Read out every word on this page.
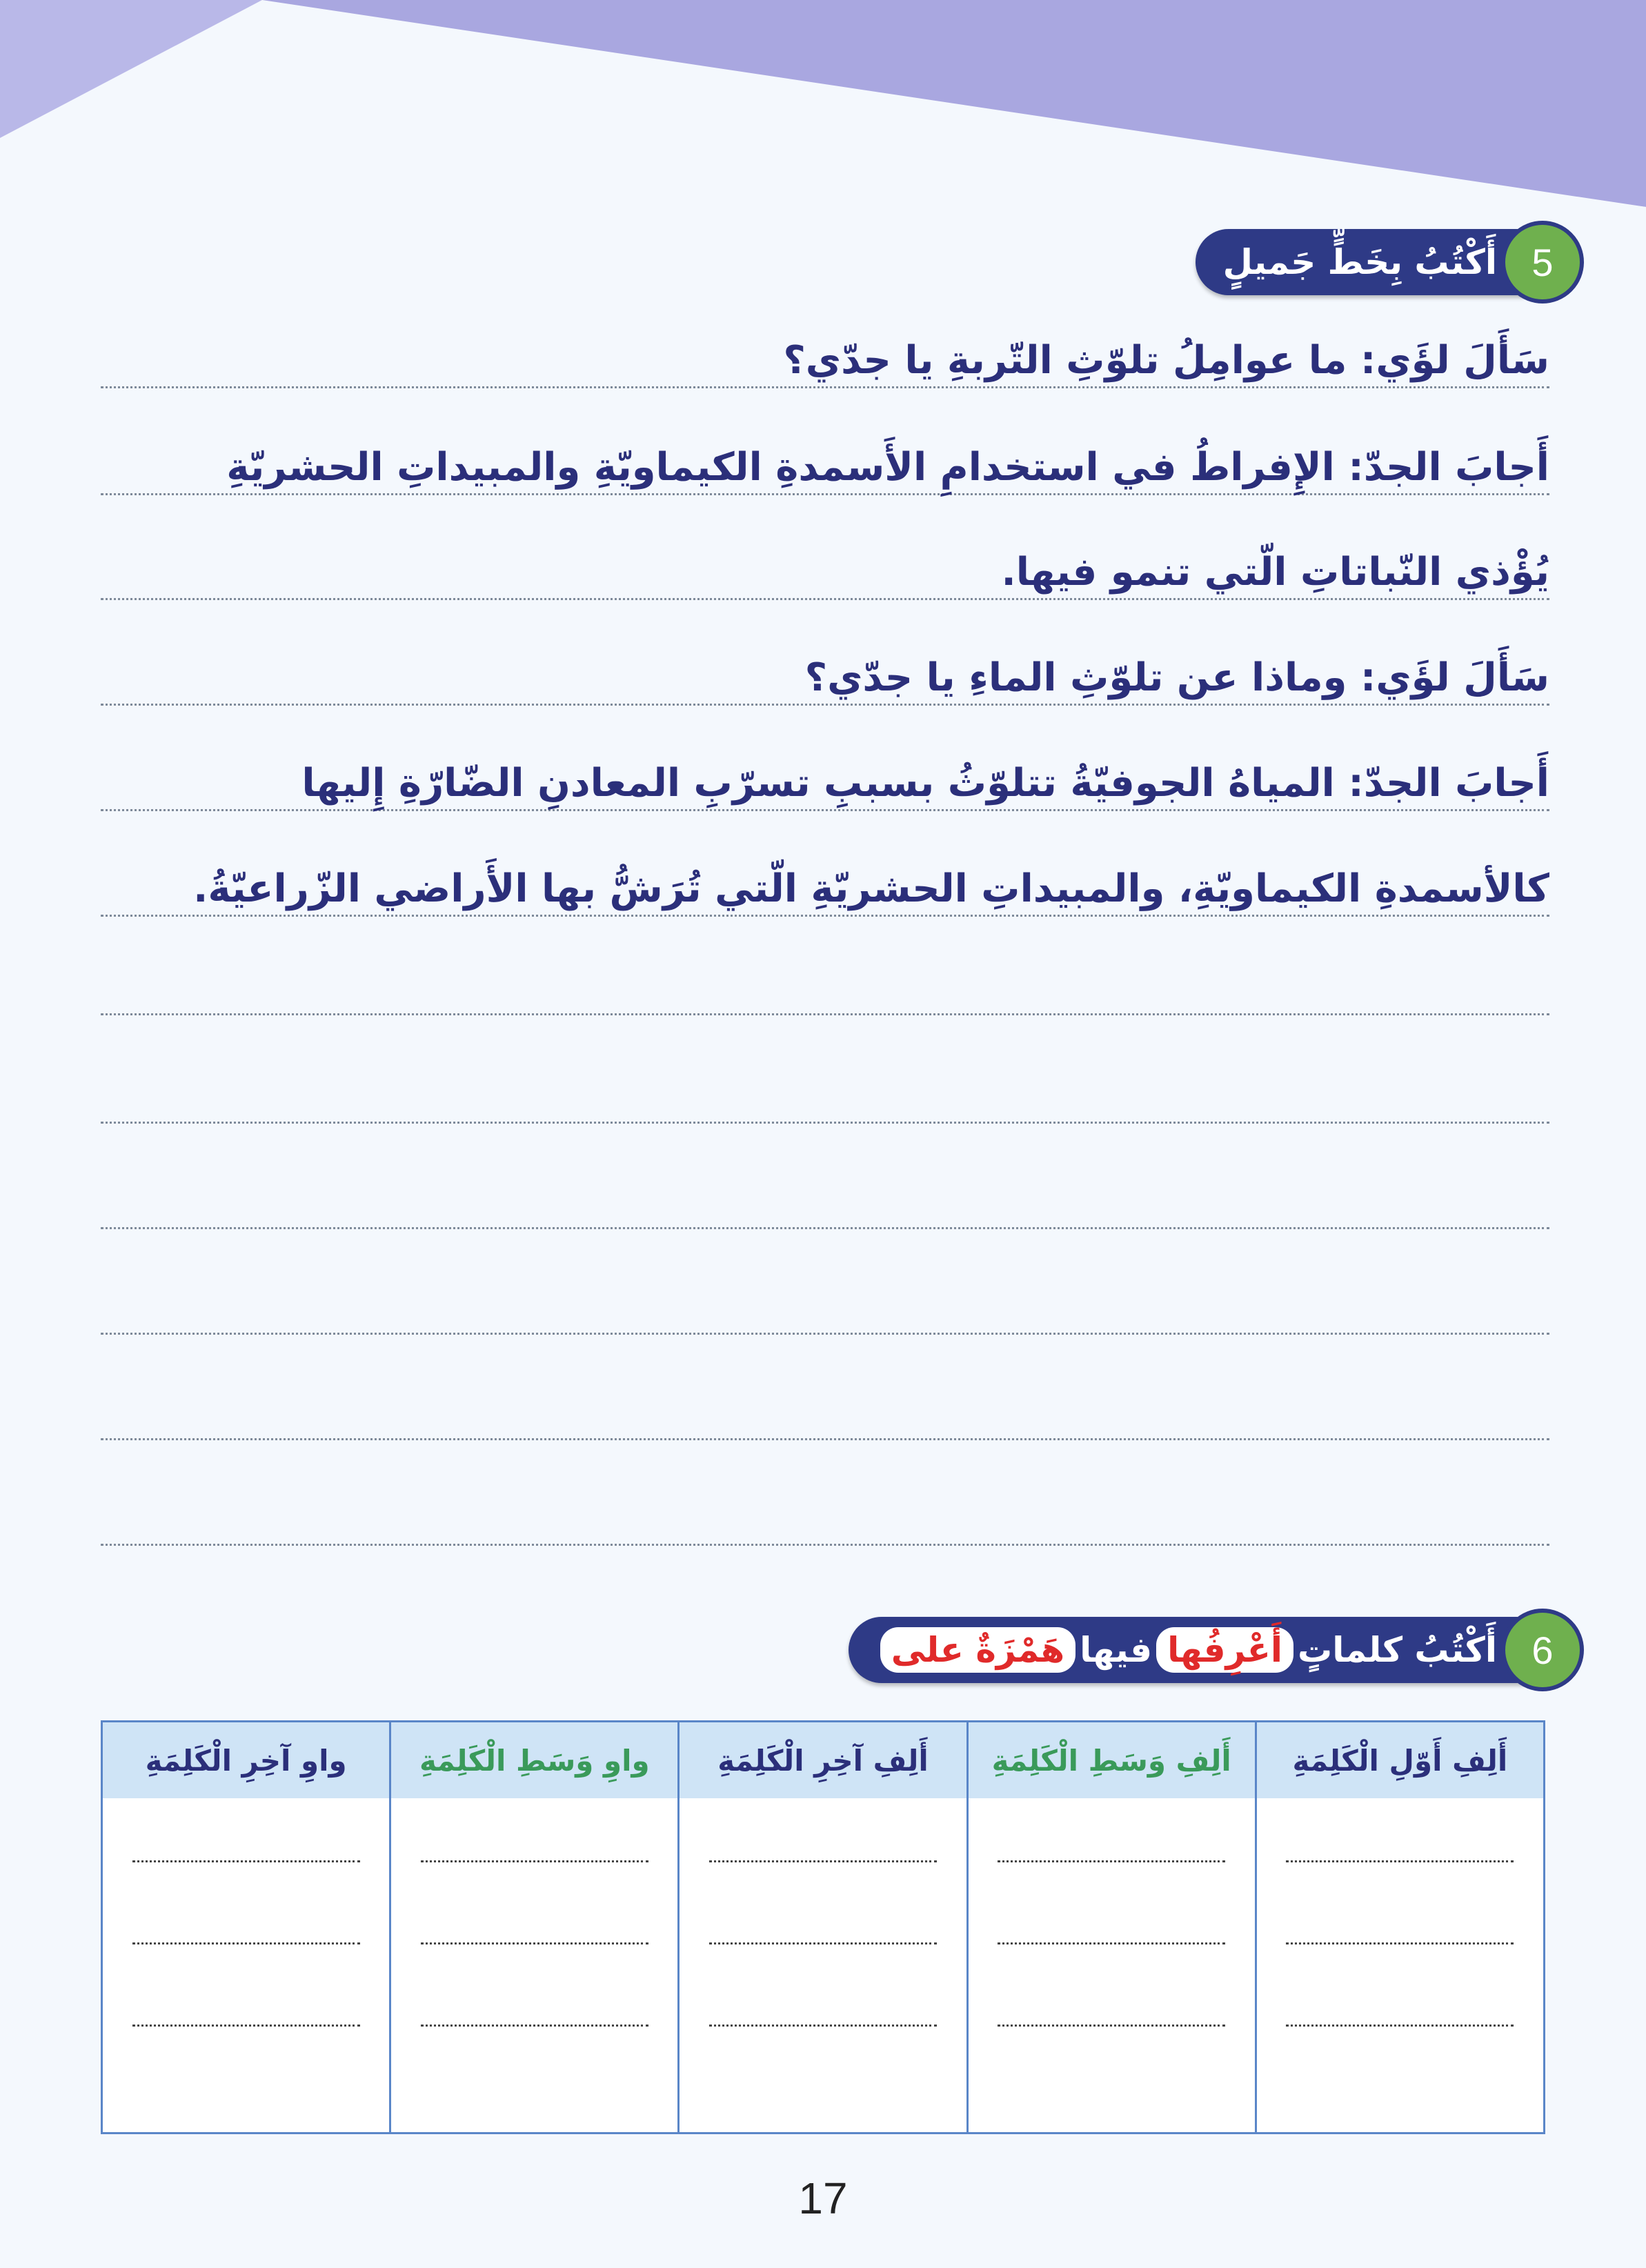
أَكْتُبُ بِخَطٍّ جَميلٍ 5
سَأَلَ لؤَي: ما عوامِلُ تلوّثِ التّربةِ يا جدّي؟
أَجابَ الجدّ: الإِفراطُ في استخدامِ الأَسمدةِ الكيماويّةِ والمبيداتِ الحشريّةِ
يُؤْذي النّباتاتِ الّتي تنمو فيها.
سَأَلَ لؤَي: وماذا عن تلوّثِ الماءِ يا جدّي؟
أَجابَ الجدّ: المياهُ الجوفيّةُ تتلوّثُ بسببِ تسرّبِ المعادنِ الضّارّةِ إِليها
كالأسمدةِ الكيماويّةِ، والمبيداتِ الحشريّةِ الّتي تُرَشُّ بها الأَراضي الزّراعيّةُ.
أَكْتُبُ كلماتٍ
أَعْرِفُها
فيها
هَمْزَةٌ على	6
أَلِفِ أَوّلِ الْكَلِمَةِ	أَلِفِ وَسَطِ الْكَلِمَةِ	أَلِفِ آخِرِ الْكَلِمَةِ	واوِ وَسَطِ الْكَلِمَةِ	واوِ آخِرِ الْكَلِمَةِ

17
